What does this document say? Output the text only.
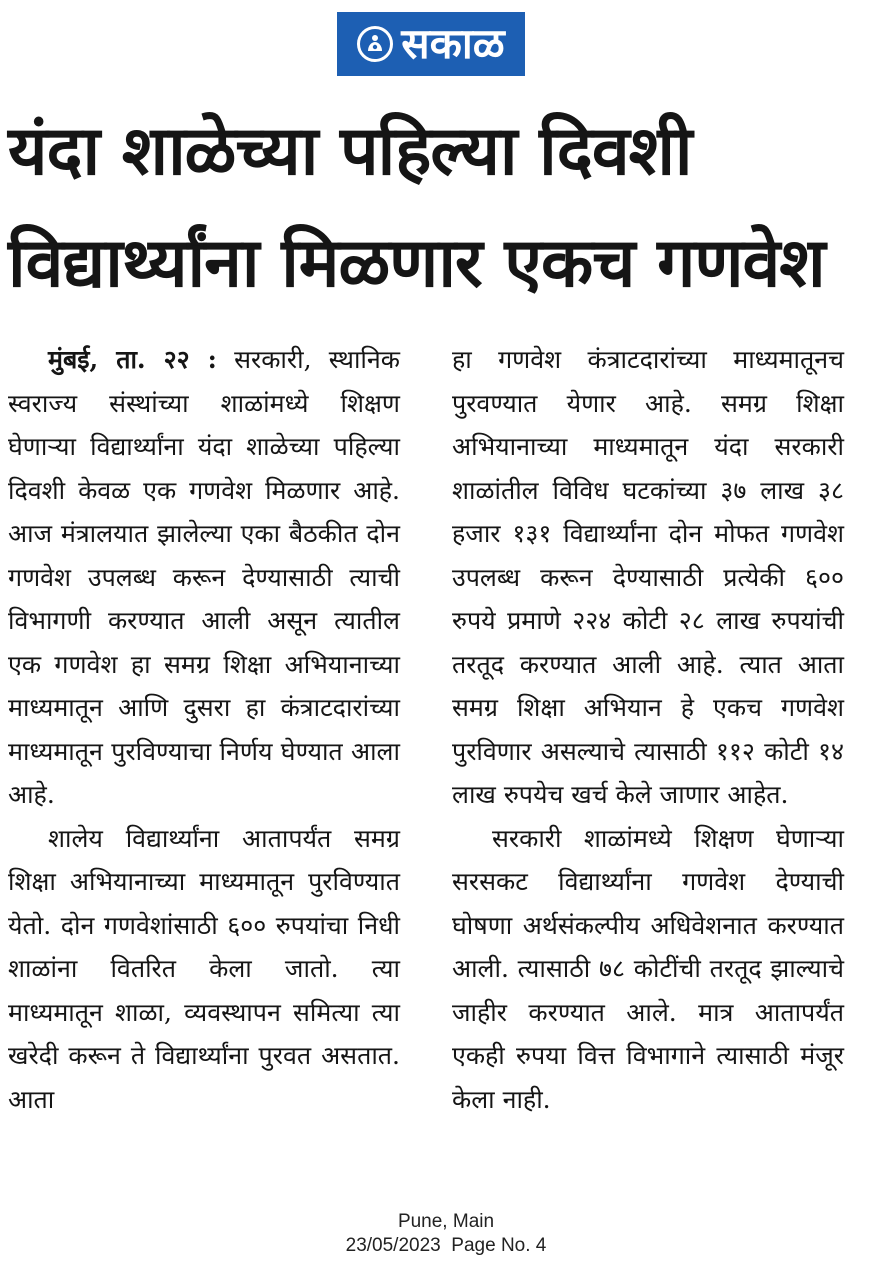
सकाळ
यंदा शाळेच्या पहिल्या दिवशी
विद्यार्थ्यांना मिळणार एकच गणवेश

मुंबई, ता. २२ : सरकारी, स्थानिक स्वराज्य संस्थांच्या शाळांमध्ये शिक्षण घेणाऱ्या विद्यार्थ्यांना यंदा शाळेच्या पहिल्या दिवशी केवळ एक गणवेश मिळणार आहे. आज मंत्रालयात झालेल्या एका बैठकीत दोन गणवेश उपलब्ध करून देण्यासाठी त्याची विभागणी करण्यात आली असून त्यातील एक गणवेश हा समग्र शिक्षा अभियानाच्या माध्यमातून आणि दुसरा हा कंत्राटदारांच्या माध्यमातून पुरविण्याचा निर्णय घेण्यात आला आहे.

शालेय विद्यार्थ्यांना आतापर्यंत समग्र शिक्षा अभियानाच्या माध्यमातून पुरविण्यात येतो. दोन गणवेशांसाठी ६०० रुपयांचा निधी शाळांना वितरित केला जातो. त्या माध्यमातून शाळा, व्यवस्थापन समित्या त्या खरेदी करून ते विद्यार्थ्यांना पुरवत असतात. आता

हा गणवेश कंत्राटदारांच्या माध्यमातूनच पुरवण्यात येणार आहे. समग्र शिक्षा अभियानाच्या माध्यमातून यंदा सरकारी शाळांतील विविध घटकांच्या ३७ लाख ३८ हजार १३१ विद्यार्थ्यांना दोन मोफत गणवेश उपलब्ध करून देण्यासाठी प्रत्येकी ६०० रुपये प्रमाणे २२४ कोटी २८ लाख रुपयांची तरतूद करण्यात आली आहे. त्यात आता समग्र शिक्षा अभियान हे एकच गणवेश पुरविणार असल्याचे त्यासाठी ११२ कोटी १४ लाख रुपयेच खर्च केले जाणार आहेत.

सरकारी शाळांमध्ये शिक्षण घेणाऱ्या सरसकट विद्यार्थ्यांना गणवेश देण्याची घोषणा अर्थसंकल्पीय अधिवेशनात करण्यात आली. त्यासाठी ७८ कोटींची तरतूद झाल्याचे जाहीर करण्यात आले. मात्र आतापर्यंत एकही रुपया वित्त विभागाने त्यासाठी मंजूर केला नाही.

Pune, Main
23/05/2023  Page No. 4
